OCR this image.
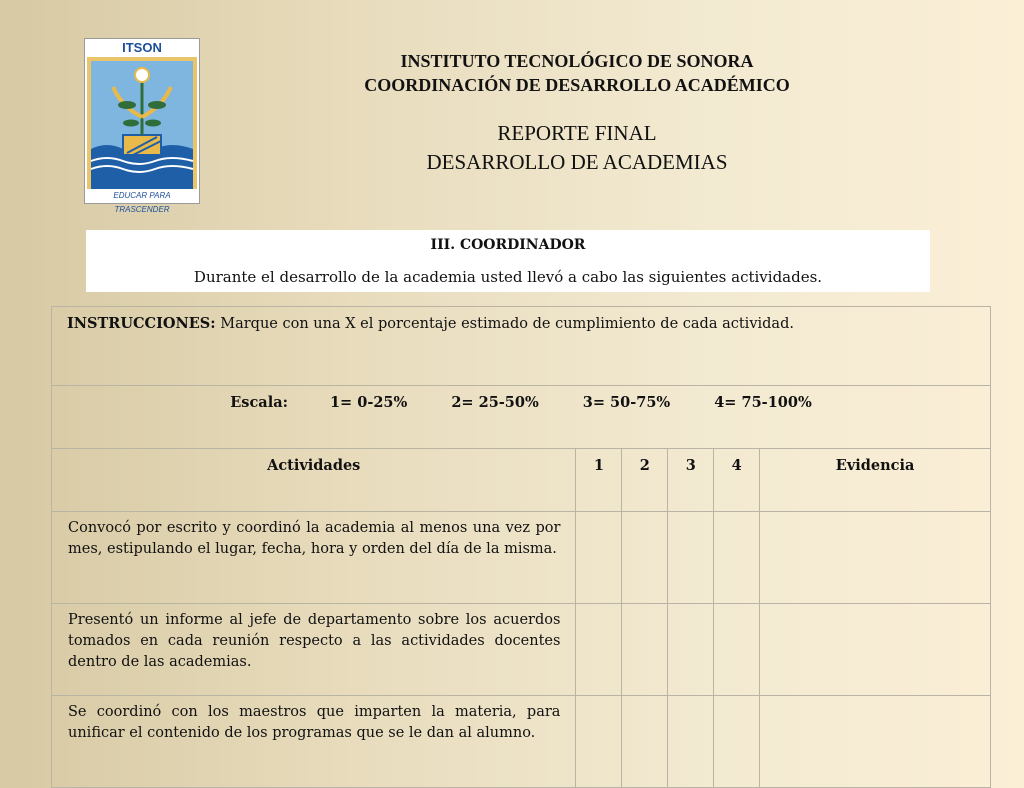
ITSON
EDUCAR PARA TRASCENDER
INSTITUTO TECNOLÓGICO DE SONORA
COORDINACIÓN DE DESARROLLO ACADÉMICO
REPORTE FINAL
DESARROLLO DE ACADEMIAS
III. COORDINADOR
Durante el desarrollo de la academia usted llevó a cabo las siguientes actividades.
INSTRUCCIONES: Marque con una X el porcentaje estimado de cumplimiento de cada actividad.					
Escala: 1= 0-25% 2= 25-50% 3= 50-75% 4= 75-100%					
Actividades	1	2	3	4	Evidencia
Convocó por escrito y coordinó la academia al menos una vez por mes, estipulando el lugar, fecha, hora y orden del día de la misma.					
Presentó un informe al jefe de departamento sobre los acuerdos tomados en cada reunión respecto a las actividades docentes dentro de las academias.					
Se coordinó con los maestros que imparten la materia, para unificar el contenido de los programas que se le dan al alumno.					
